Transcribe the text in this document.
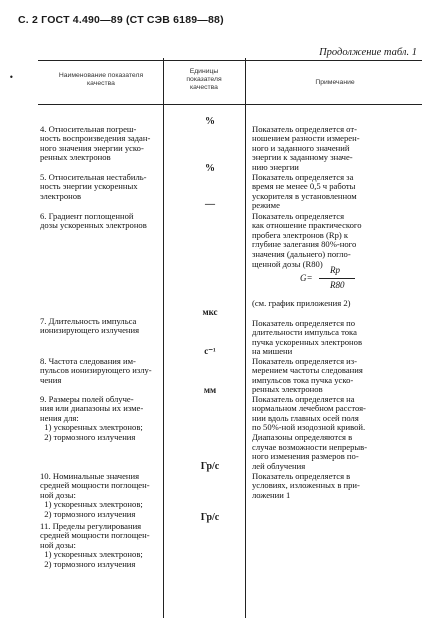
С. 2 ГОСТ 4.490—89 (СТ СЭВ 6189—88)
Продолжение табл. 1
•	Наименование показателя
качества
Единицы
показателя
качества
Примечание

4. Относительная погреш-
ность воспроизведения задан-
ного значения энергии уско-
ренных электронов

%

Показатель определяется от-
ношением разности измерен-
ного и заданного значений
энергии к заданному значе-
нию энергии

5. Относительная нестабиль-
ность энергии ускоренных
электронов

%

Показатель определяется за
время не менее 0,5 ч работы
ускорителя в установленном
режиме

6. Градиент поглощенной
дозы ускоренных электронов

—

Показатель определяется
как отношение практического
пробега электронов (Rp) к
глубине залегания 80%-ного
значения (дальнего) погло-
щенной дозы (R80)

G=
Rp
R80
(см. график приложения 2)

7. Длительность импульса
ионизирующего излучения

мкс

Показатель определяется по
длительности импульса тока
пучка ускоренных электронов
на мишени

8. Частота следования им-
пульсов ионизирующего излу-
чения

с⁻¹

Показатель определяется из-
мерением частоты следования
импульсов тока пучка уско-
ренных электронов

9. Размеры полей облуче-
ния или диапазоны их изме-
нения для:
1) ускоренных электронов;
2) тормозного излучения

мм

Показатель определяется на
нормальном лечебном расстоя-
нии вдоль главных осей поля
по 50%-ной изодозной кривой.
Диапазоны определяются в
случае возможности непрерыв-
ного изменения размеров по-
лей облучения

10. Номинальные значения
средней мощности поглощен-
ной дозы:
1) ускоренных электронов;
2) тормозного излучения

Гр/с

Показатель определяется в
условиях, изложенных в при-
ложении 1

11. Пределы регулирования
средней мощности поглощен-
ной дозы:
1) ускоренных электронов;
2) тормозного излучения

Гр/с
